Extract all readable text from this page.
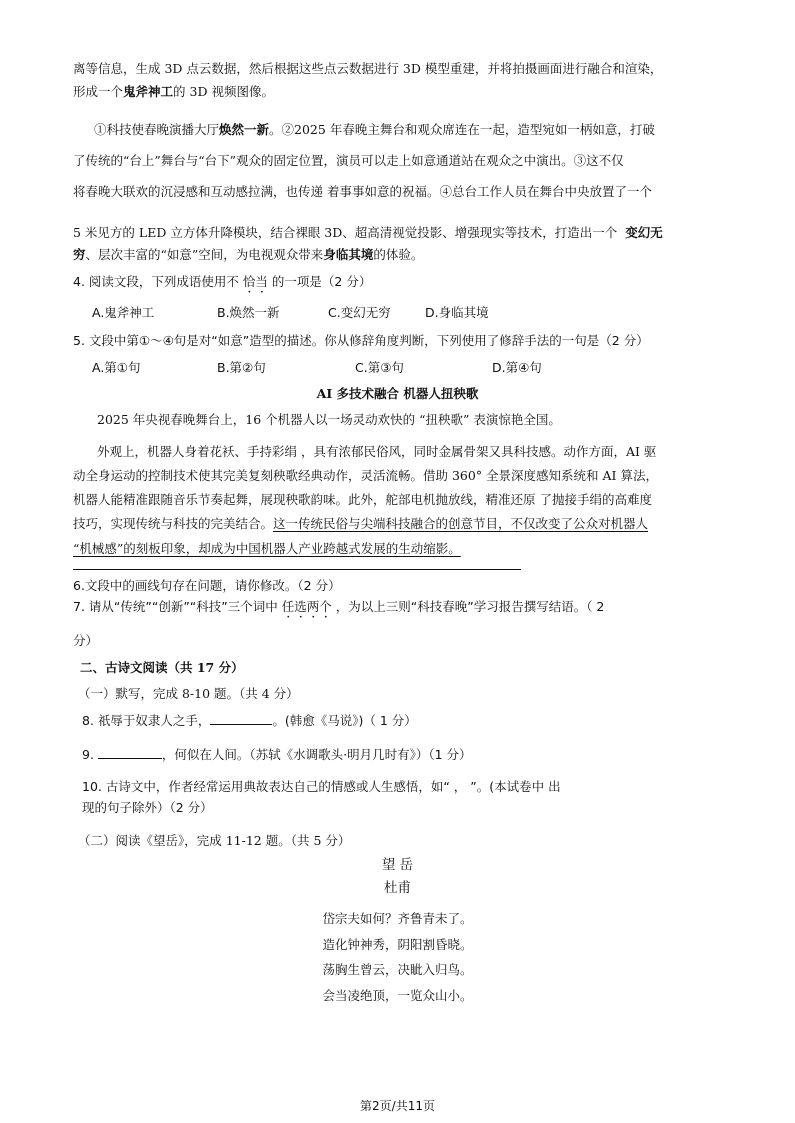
离等信息，生成 3D 点云数据，然后根据这些点云数据进行 3D 模型重建，并将拍摄画面进行融合和渲染，
形成一个鬼斧神工的 3D 视频图像。
①科技使春晚演播大厅焕然一新。②2025 年春晚主舞台和观众席连在一起，造型宛如一柄如意，打破
了传统的“台上”舞台与“台下”观众的固定位置，演员可以走上如意通道站在观众之中演出。③这不仅
将春晚大联欢的沉浸感和互动感拉满，也传递 着事事如意的祝福。④总台工作人员在舞台中央放置了一个
5 米见方的 LED 立方体升降模块，结合裸眼 3D、超高清视觉投影、增强现实等技术，打造出一个 变幻无
穷、层次丰富的“如意”空间，为电视观众带来身临其境的体验。
4. 阅读文段，下列成语使用不 恰当 的一项是（2 分）
A.鬼斧神工	B.焕然一新	C.变幻无穷	D.身临其境
5. 文段中第①～④句是对“如意”造型的描述。你从修辞角度判断，下列使用了修辞手法的一句是（2 分）
A.第①句	B.第②句	C.第③句	D.第④句
AI 多技术融合 机器人扭秧歌
2025 年央视春晚舞台上，16 个机器人以一场灵动欢快的 “扭秧歌” 表演惊艳全国。
外观上，机器人身着花袄、手持彩绢 ，具有浓郁民俗风，同时金属骨架又具科技感。动作方面，AI 驱
动全身运动的控制技术使其完美复刻秧歌经典动作，灵活流畅。借助 360° 全景深度感知系统和 AI 算法，
机器人能精准跟随音乐节奏起舞，展现秧歌韵味。此外，舵部电机抛放线，精准还原 了抛接手绢的高难度
技巧，实现传统与科技的完美结合。这一传统民俗与尖端科技融合的创意节目，不仅改变了公众对机器人
“机械感”的刻板印象，却成为中国机器人产业跨越式发展的生动缩影。
6.文段中的画线句存在问题，请你修改。（2 分）
7. 请从“传统”“创新”“科技”三个词中 任选两个 ，为以上三则“科技春晚”学习报告撰写结语。（ 2
分）
二、古诗文阅读（共 17 分）
（一）默写，完成 8-10 题。（共 4 分）
8. 祇辱于奴隶人之手，	。(韩愈《马说》)（ 1 分）
9.	，何似在人间。（苏轼《水调歌头·明月几时有》）（1 分）
10. 古诗文中，作者经常运用典故表达自己的情感或人生感悟，如“ ， ”。(本试卷中 出
现的句子除外）（2 分）
（二）阅读《望岳》，完成 11-12 题。（共 5 分）
望 岳
杜甫
岱宗夫如何？齐鲁青未了。
造化钟神秀，阴阳割昏晓。
荡胸生曾云，决眦入归鸟。
会当凌绝顶，一览众山小。
第2页/共11页
